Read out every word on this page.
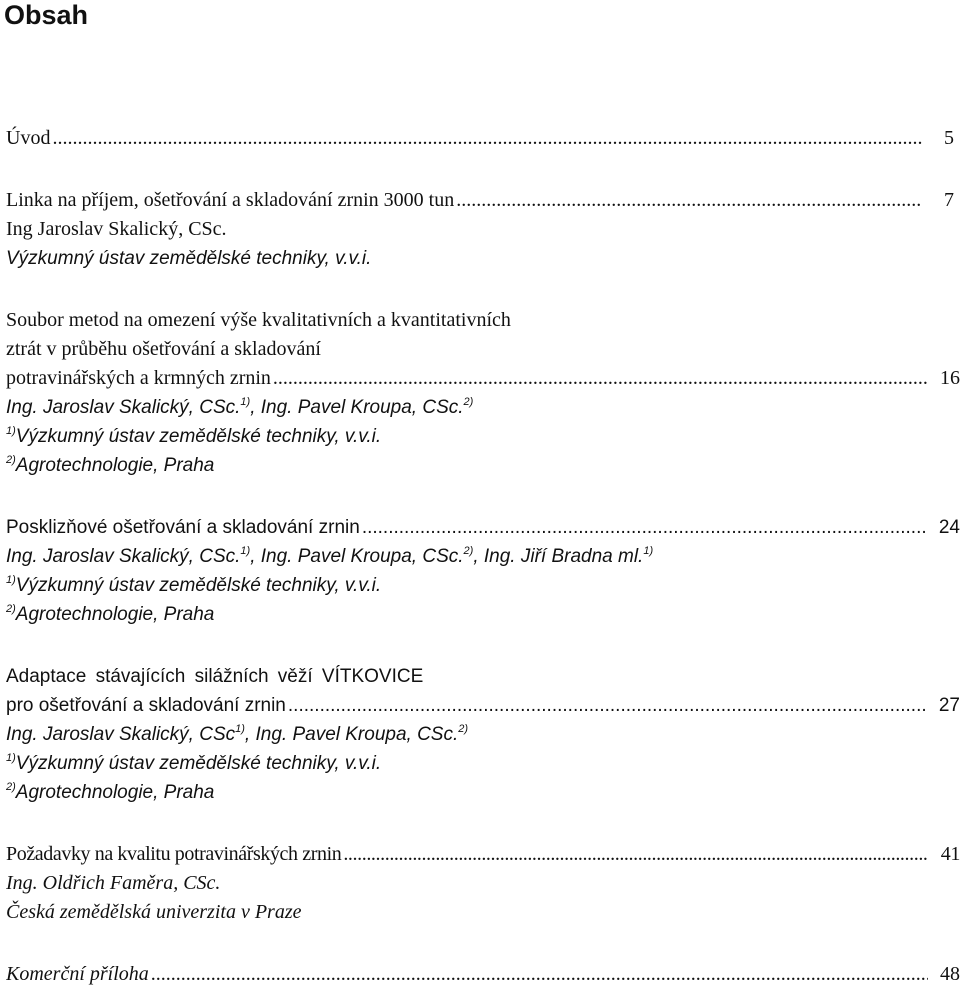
Obsah
Úvod .....	5
Linka na příjem, ošetřování a skladování zrnin 3000 tun .....	7
Ing Jaroslav Skalický, CSc.
Výzkumný ústav zemědělské techniky, v.v.i.
Soubor metod na omezení výše kvalitativních a kvantitativních
ztrát v průběhu ošetřování a skladování
potravinářských a krmných zrnin .....	16
Ing. Jaroslav Skalický, CSc.$^{1)}$, Ing. Pavel Kroupa, CSc.$^{2)}$
$^{1)}$Výzkumný ústav zemědělské techniky, v.v.i.
$^{2)}$Agrotechnologie, Praha
Posklizňové ošetřování a skladování zrnin .....	24
Ing. Jaroslav Skalický, CSc.$^{1)}$, Ing. Pavel Kroupa, CSc.$^{2)}$, Ing. Jiří Bradna ml.$^{1)}$
$^{1)}$Výzkumný ústav zemědělské techniky, v.v.i.
$^{2)}$Agrotechnologie, Praha
Adaptace stávajících silážních věží VÍTKOVICE
pro ošetřování a skladování zrnin .....	27
Ing. Jaroslav Skalický, CSc$^{1)}$, Ing. Pavel Kroupa, CSc.$^{2)}$
$^{1)}$Výzkumný ústav zemědělské techniky, v.v.i.
$^{2)}$Agrotechnologie, Praha
Požadavky na kvalitu potravinářských zrnin .....	41
Ing. Oldřich Faměra, CSc.
Česká zemědělská univerzita v Praze
Komerční příloha .....	48
